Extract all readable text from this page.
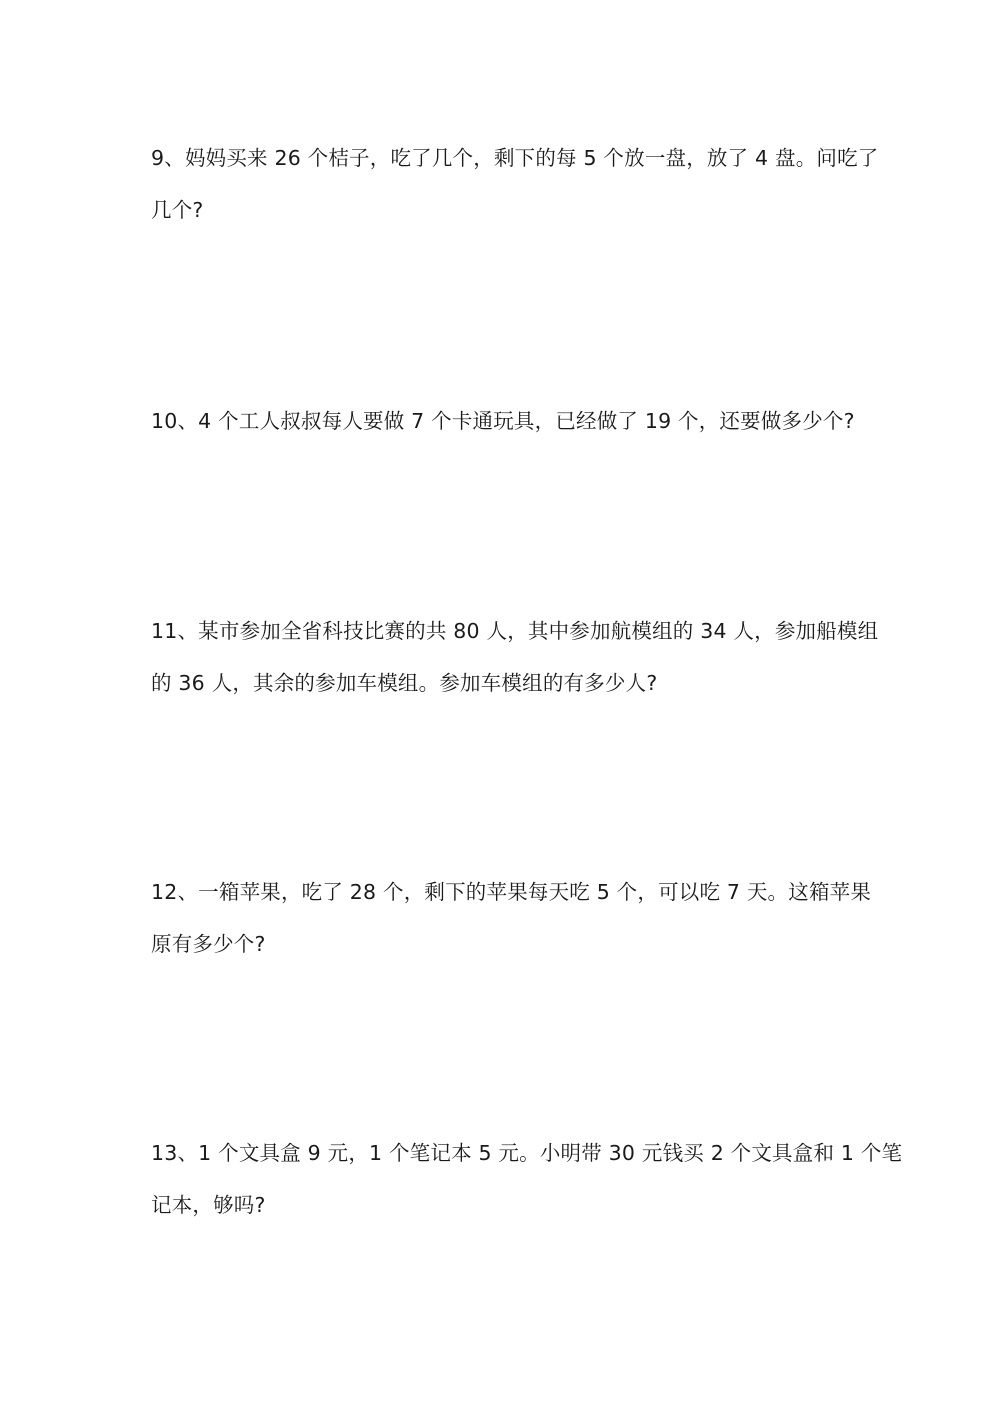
9、妈妈买来 26 个桔子，吃了几个，剩下的每 5 个放一盘，放了 4 盘。问吃了
几个?
10、4 个工人叔叔每人要做 7 个卡通玩具，已经做了 19 个，还要做多少个?
11、某市参加全省科技比赛的共 80 人，其中参加航模组的 34 人，参加船模组
的 36 人，其余的参加车模组。参加车模组的有多少人?
12、一箱苹果，吃了 28 个，剩下的苹果每天吃 5 个，可以吃 7 天。这箱苹果
原有多少个?
13、1 个文具盒 9 元，1 个笔记本 5 元。小明带 30 元钱买 2 个文具盒和 1 个笔
记本，够吗?
